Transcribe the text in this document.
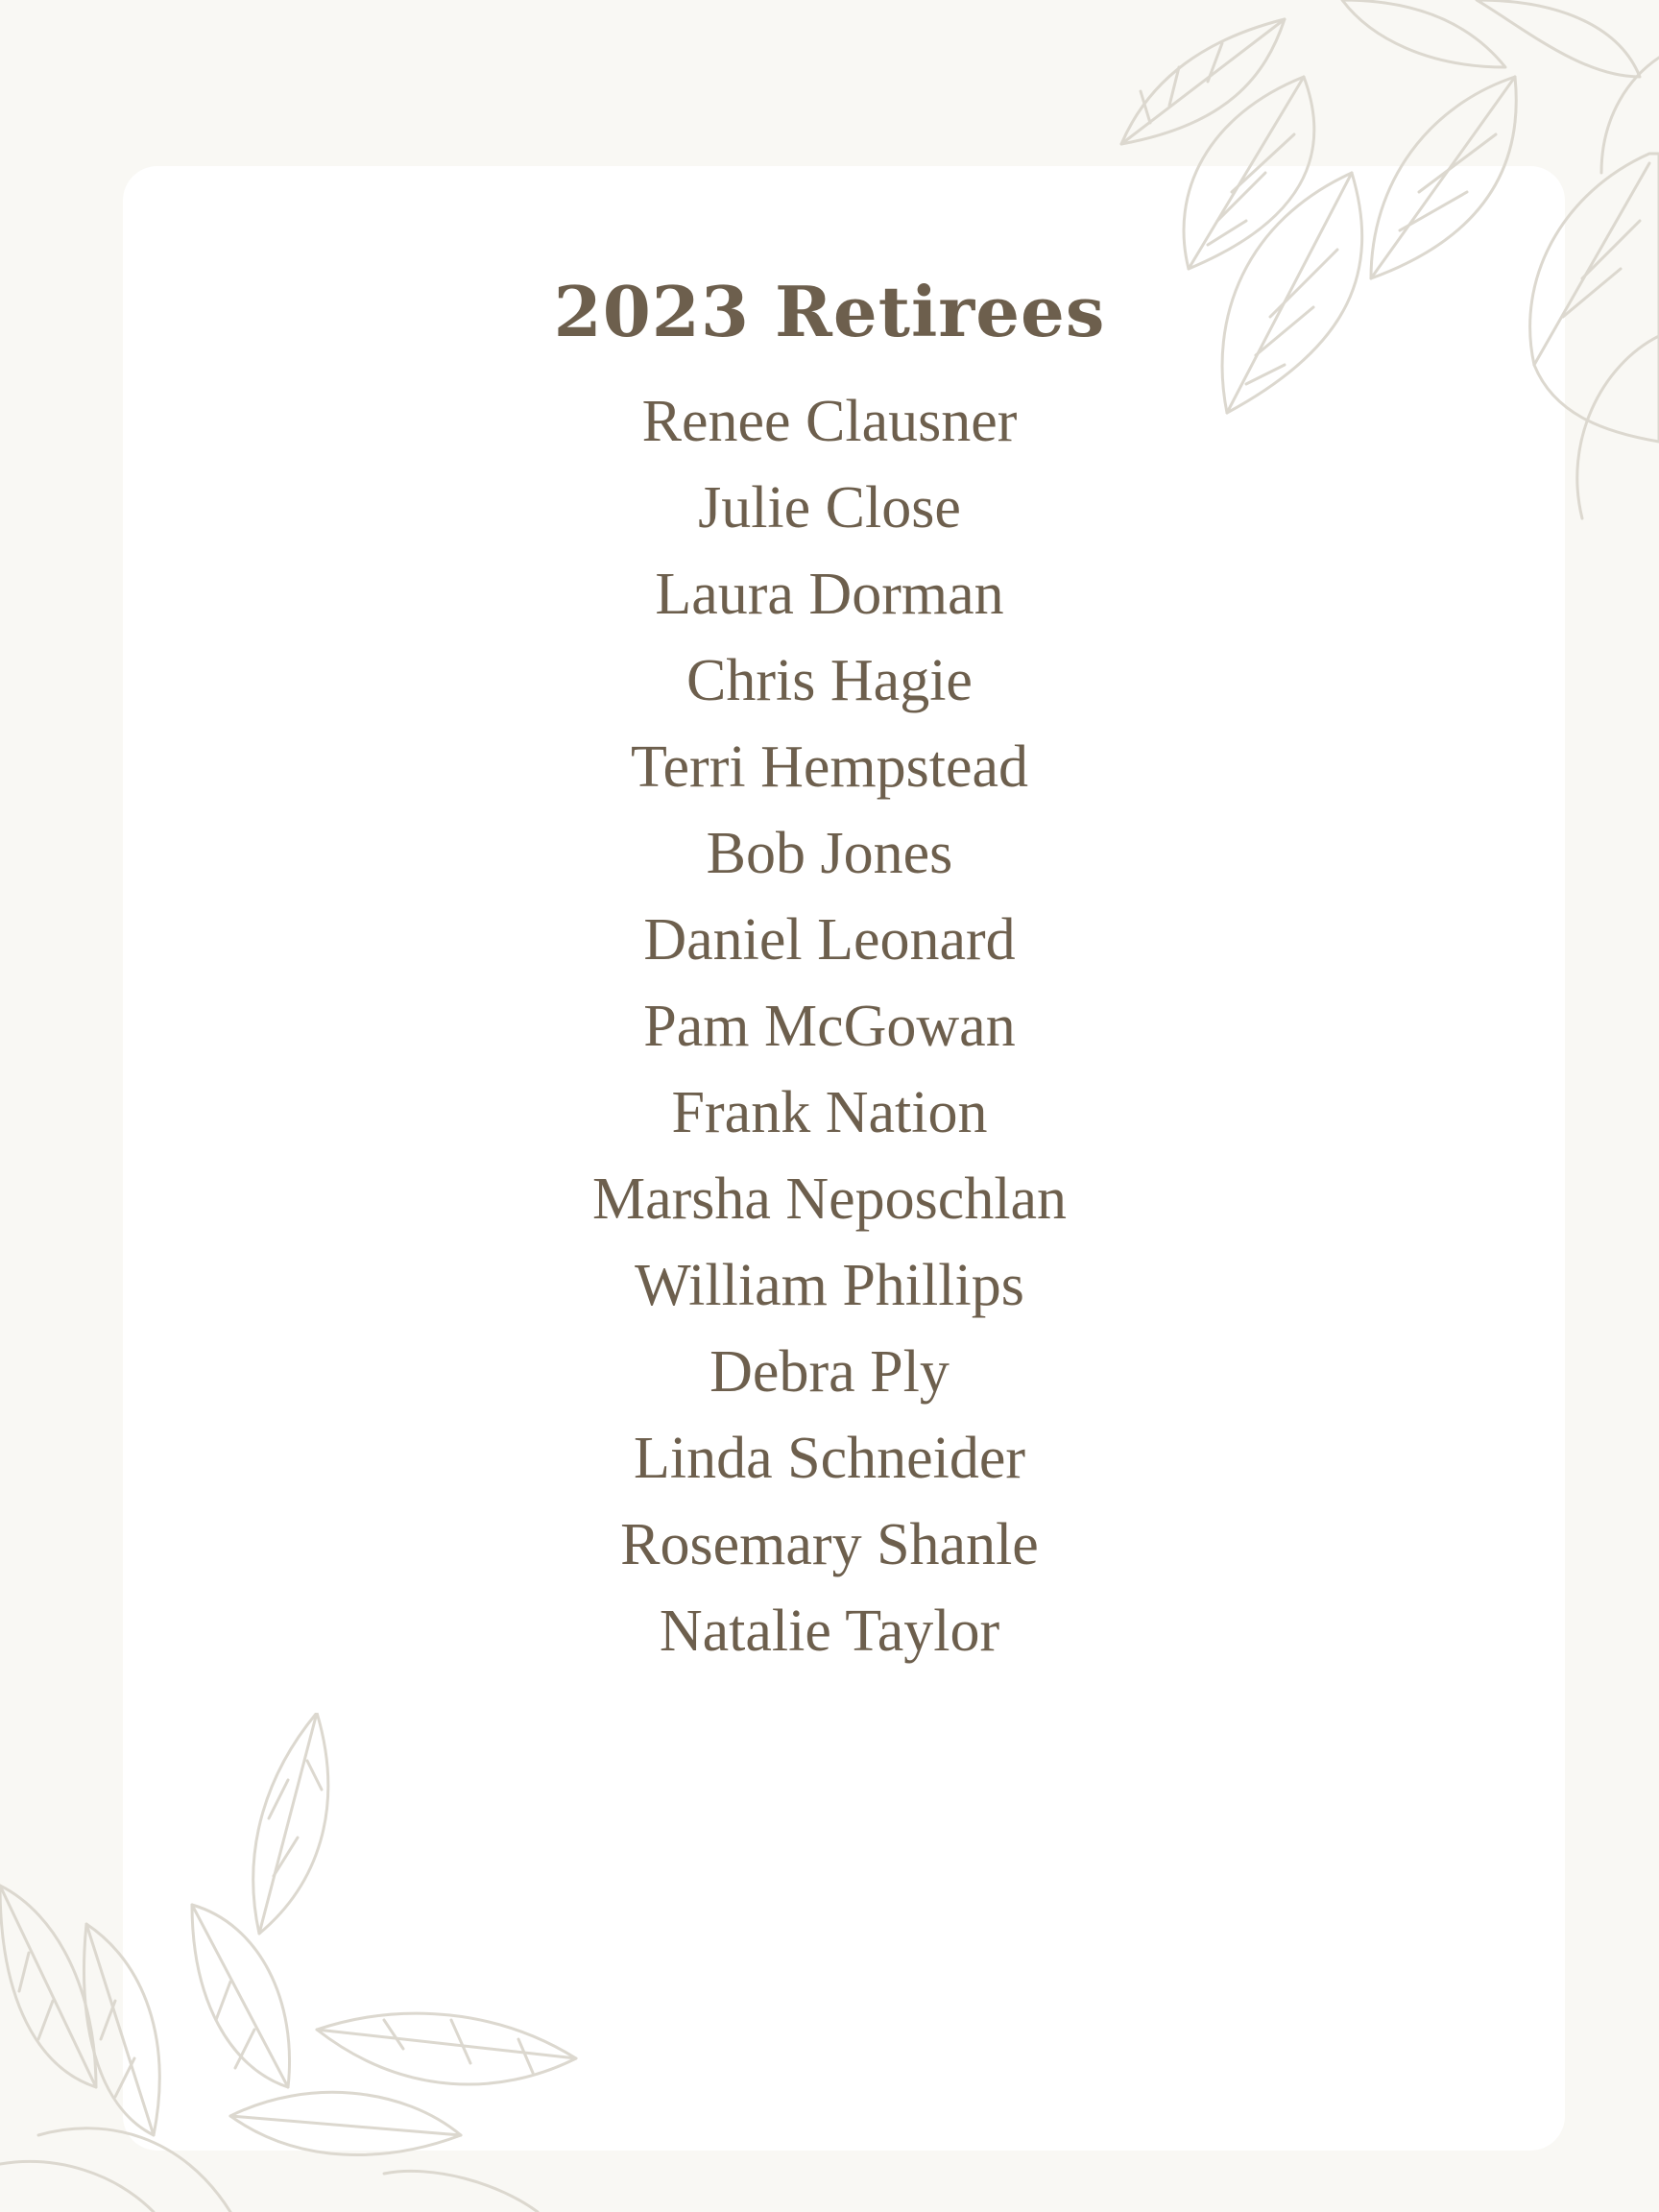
2023 Retirees
Renee Clausner
Julie Close
Laura Dorman
Chris Hagie
Terri Hempstead
Bob Jones
Daniel Leonard
Pam McGowan
Frank Nation
Marsha Neposchlan
William Phillips
Debra Ply
Linda Schneider
Rosemary Shanle
Natalie Taylor
